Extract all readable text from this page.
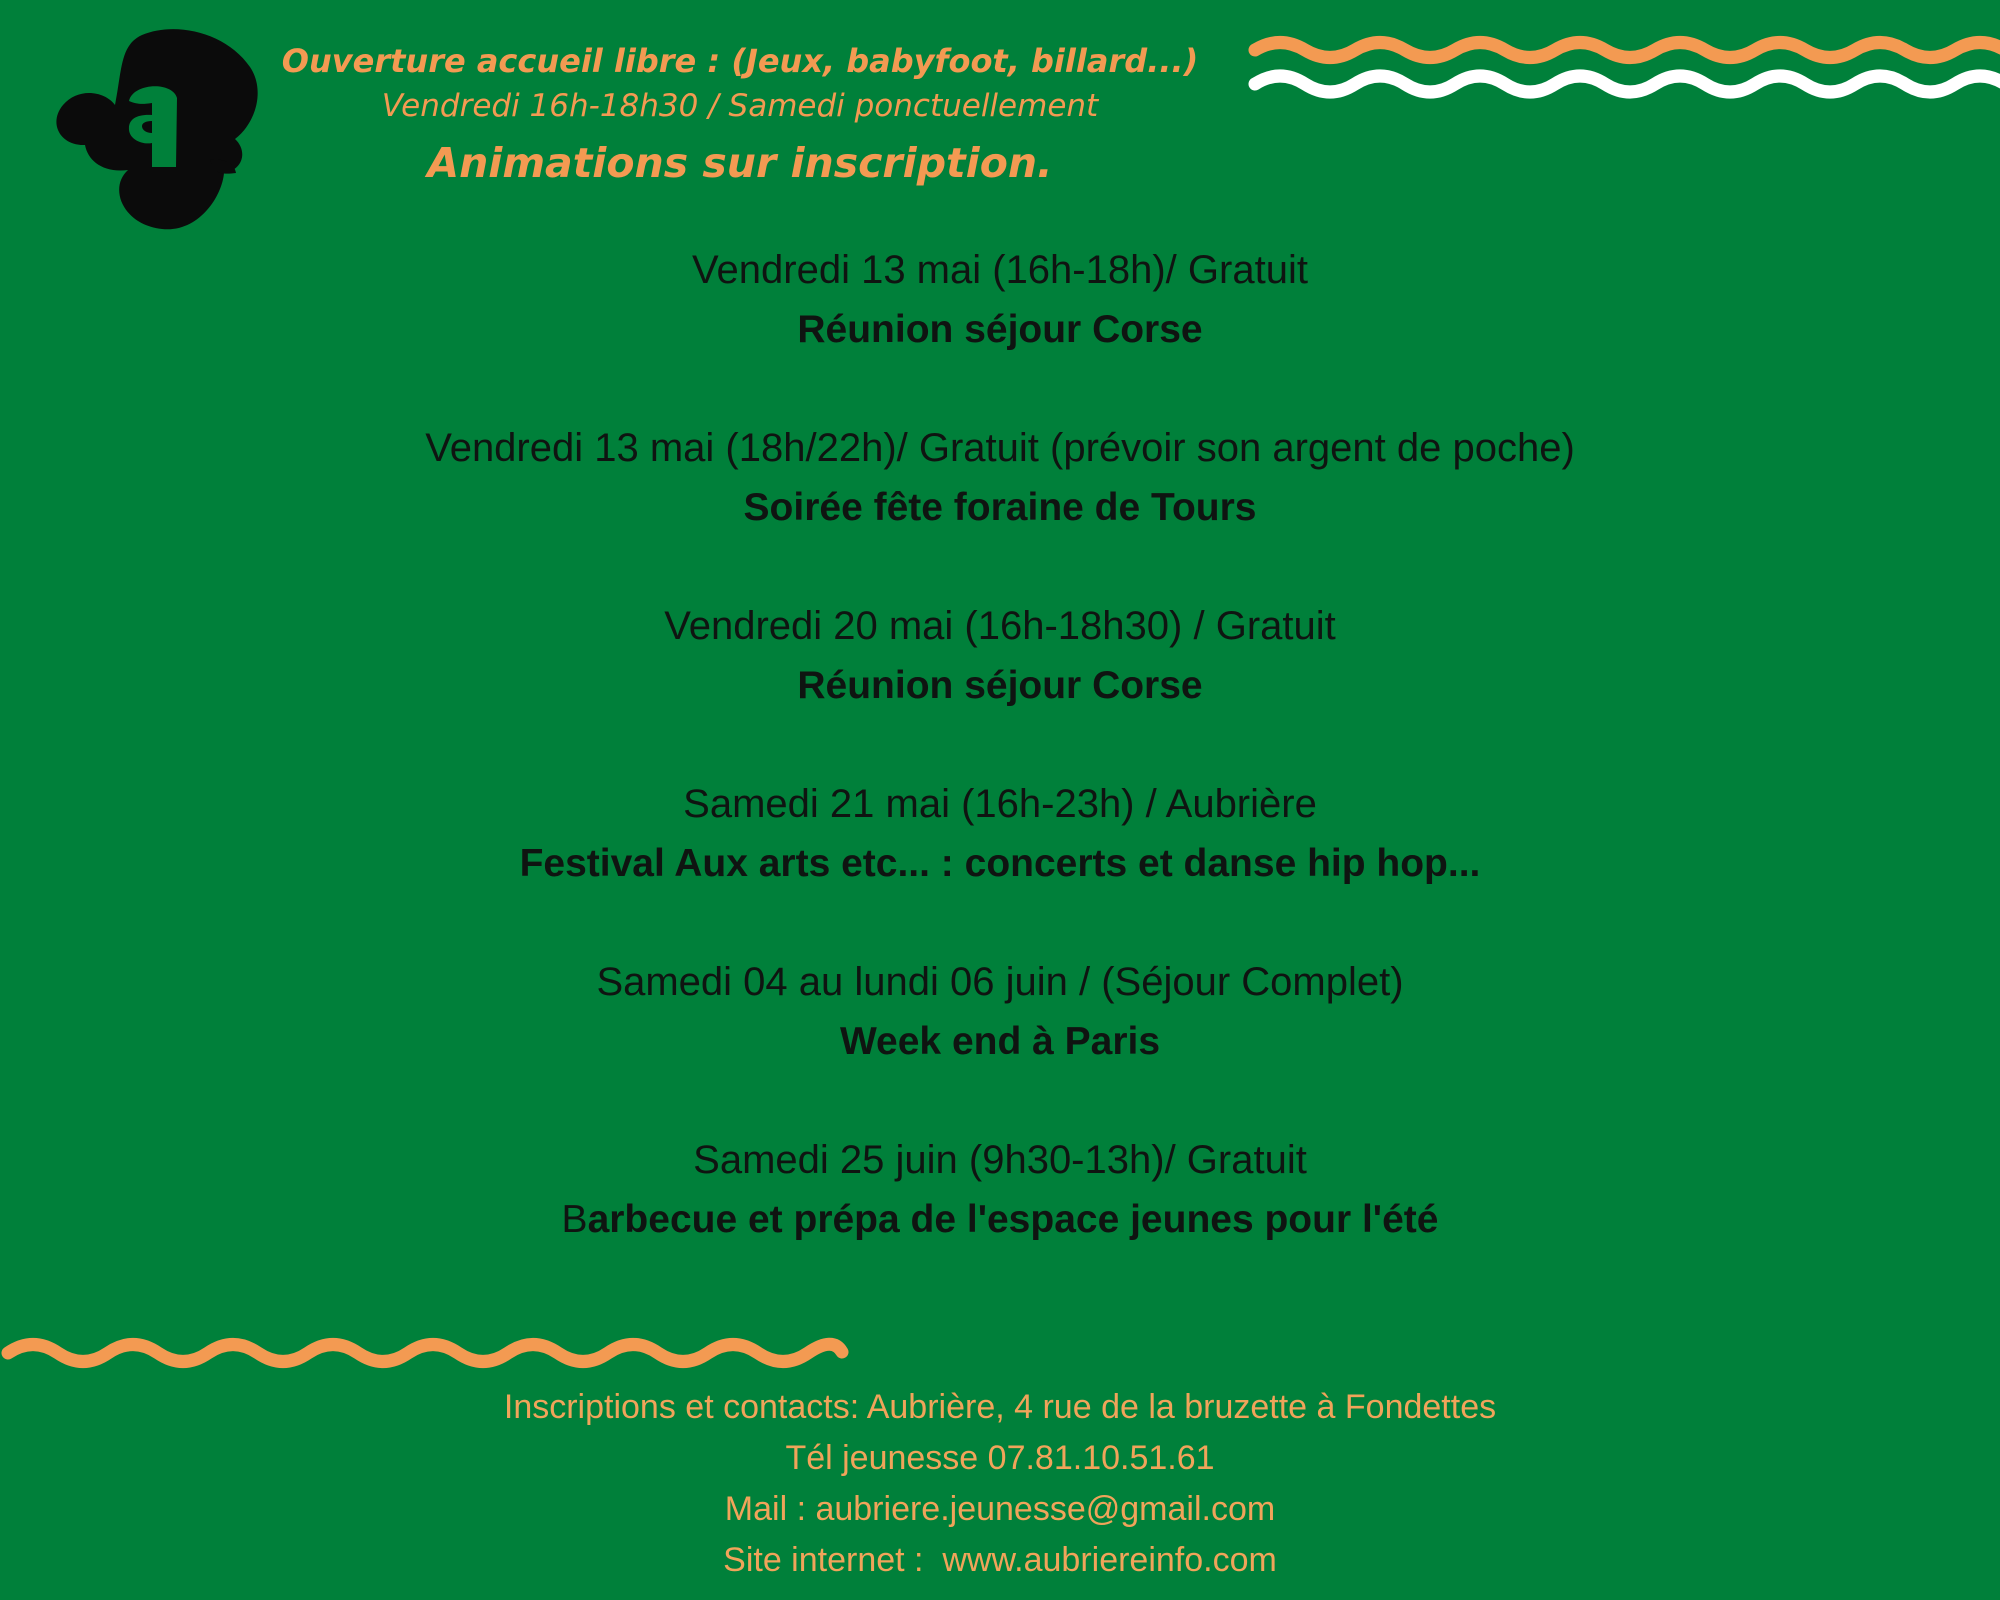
Ouverture accueil libre : (Jeux, babyfoot, billard...)
Vendredi 16h-18h30 / Samedi ponctuellement
Animations sur inscription.
Vendredi 13 mai (16h-18h)/ Gratuit
Réunion séjour Corse
Vendredi 13 mai (18h/22h)/ Gratuit (prévoir son argent de poche)
Soirée fête foraine de Tours
Vendredi 20 mai (16h-18h30) / Gratuit
Réunion séjour Corse
Samedi 21 mai (16h-23h) / Aubrière
Festival Aux arts etc... : concerts et danse hip hop...
Samedi 04 au lundi 06 juin / (Séjour Complet)
Week end à Paris
Samedi 25 juin (9h30-13h)/ Gratuit
Barbecue et prépa de l'espace jeunes pour l'été
Inscriptions et contacts: Aubrière, 4 rue de la bruzette à Fondettes
Tél jeunesse 07.81.10.51.61
Mail : aubriere.jeunesse@gmail.com
Site internet :  www.aubriereinfo.com
